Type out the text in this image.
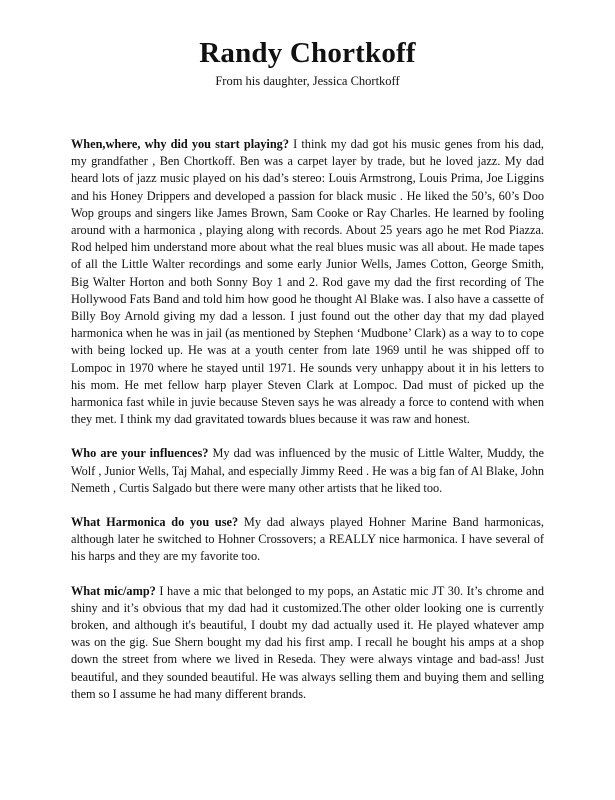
Randy Chortkoff

From his daughter, Jessica Chortkoff

When,where, why did you start playing? I think my dad got his music genes from his dad, my grandfather , Ben Chortkoff. Ben was a carpet layer by trade, but he loved jazz. My dad heard lots of jazz music played on his dad’s stereo: Louis Armstrong, Louis Prima, Joe Liggins and his Honey Drippers and developed a passion for black music . He liked the 50’s, 60’s Doo Wop groups and singers like James Brown, Sam Cooke or Ray Charles. He learned by fooling around with a harmonica , playing along with records. About 25 years ago he met Rod Piazza. Rod helped him understand more about what the real blues music was all about. He made tapes of all the Little Walter recordings and some early Junior Wells, James Cotton, George Smith, Big Walter Horton and both Sonny Boy 1 and 2. Rod gave my dad the first recording of The Hollywood Fats Band and told him how good he thought Al Blake was. I also have a cassette of Billy Boy Arnold giving my dad a lesson. I just found out the other day that my dad played harmonica when he was in jail (as mentioned by Stephen ‘Mudbone’ Clark) as a way to to cope with being locked up. He was at a youth center from late 1969 until he was shipped off to Lompoc in 1970 where he stayed until 1971. He sounds very unhappy about it in his letters to his mom. He met fellow harp player Steven Clark at Lompoc. Dad must of picked up the harmonica fast while in juvie because Steven says he was already a force to contend with when they met. I think my dad gravitated towards blues because it was raw and honest.

Who are your influences? My dad was influenced by the music of Little Walter, Muddy, the Wolf , Junior Wells, Taj Mahal, and especially Jimmy Reed . He was a big fan of Al Blake, John Nemeth , Curtis Salgado but there were many other artists that he liked too.

What Harmonica do you use? My dad always played Hohner Marine Band harmonicas, although later he switched to Hohner Crossovers; a REALLY nice harmonica. I have several of his harps and they are my favorite too.

What mic/amp? I have a mic that belonged to my pops, an Astatic mic JT 30. It’s chrome and shiny and it’s obvious that my dad had it customized.The other older looking one is currently broken, and although it's beautiful, I doubt my dad actually used it. He played whatever amp was on the gig. Sue Shern bought my dad his first amp. I recall he bought his amps at a shop down the street from where we lived in Reseda. They were always vintage and bad-ass! Just beautiful, and they sounded beautiful. He was always selling them and buying them and selling them so I assume he had many different brands.
